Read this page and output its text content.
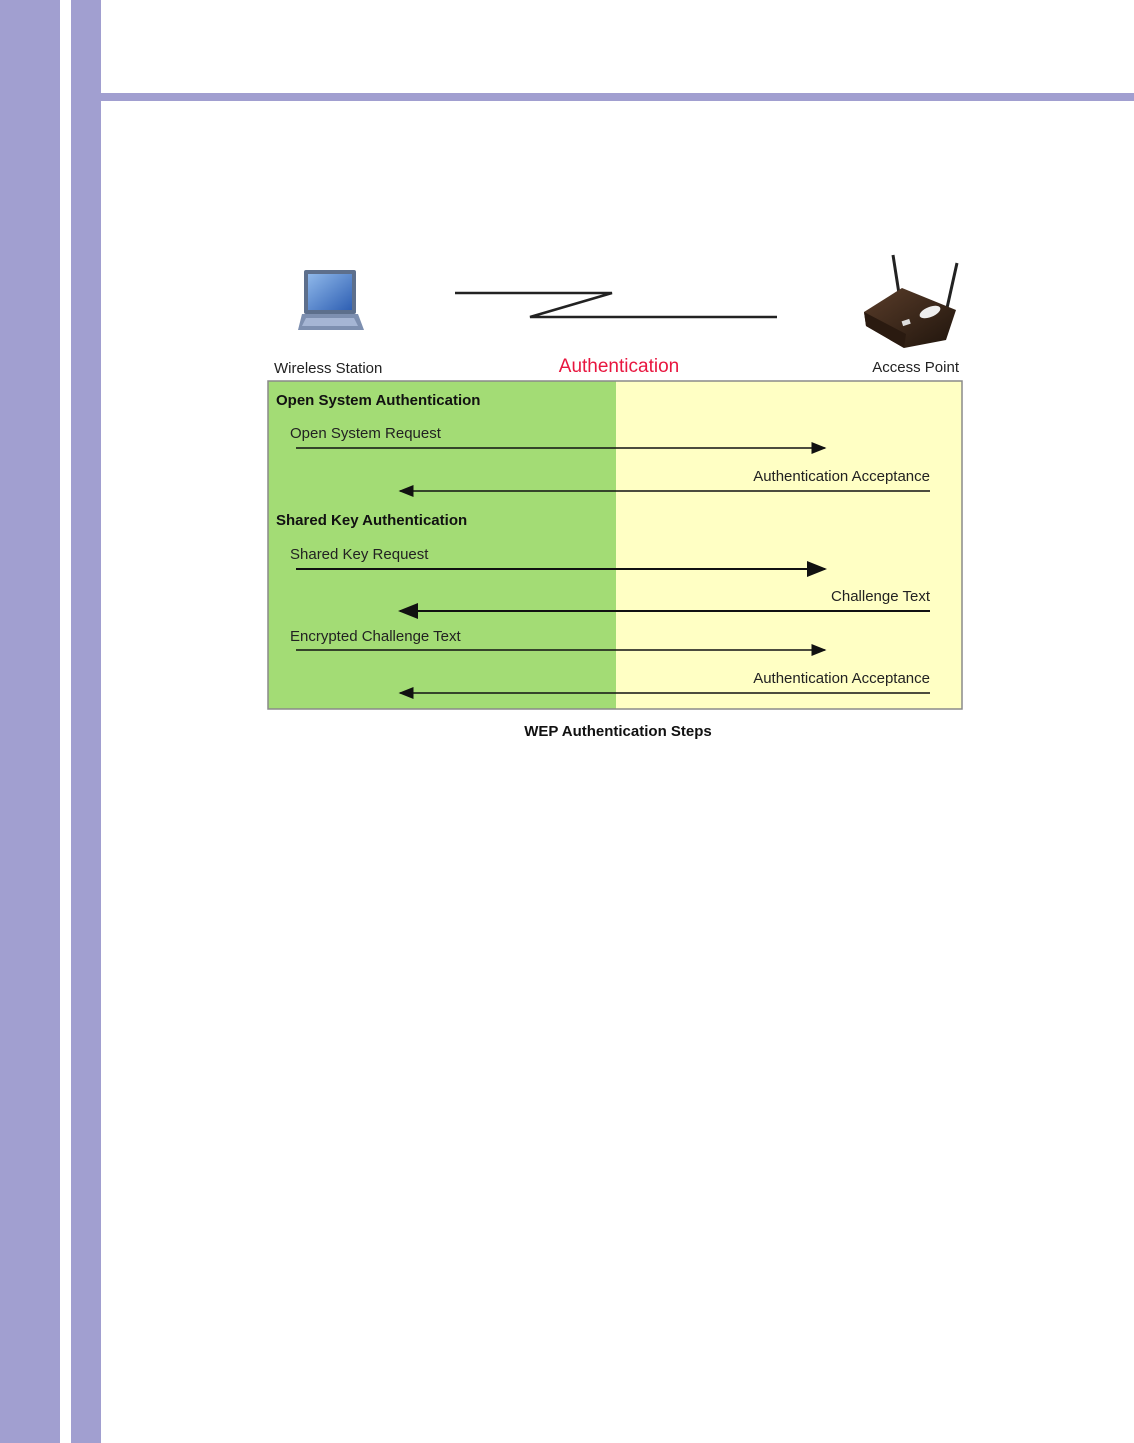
Wireless Station	Authentication	Access Point
Open System Authentication
Open System Request
Authentication Acceptance
Shared Key Authentication
Shared Key Request
Challenge Text
Encrypted Challenge Text
Authentication Acceptance
WEP Authentication Steps
